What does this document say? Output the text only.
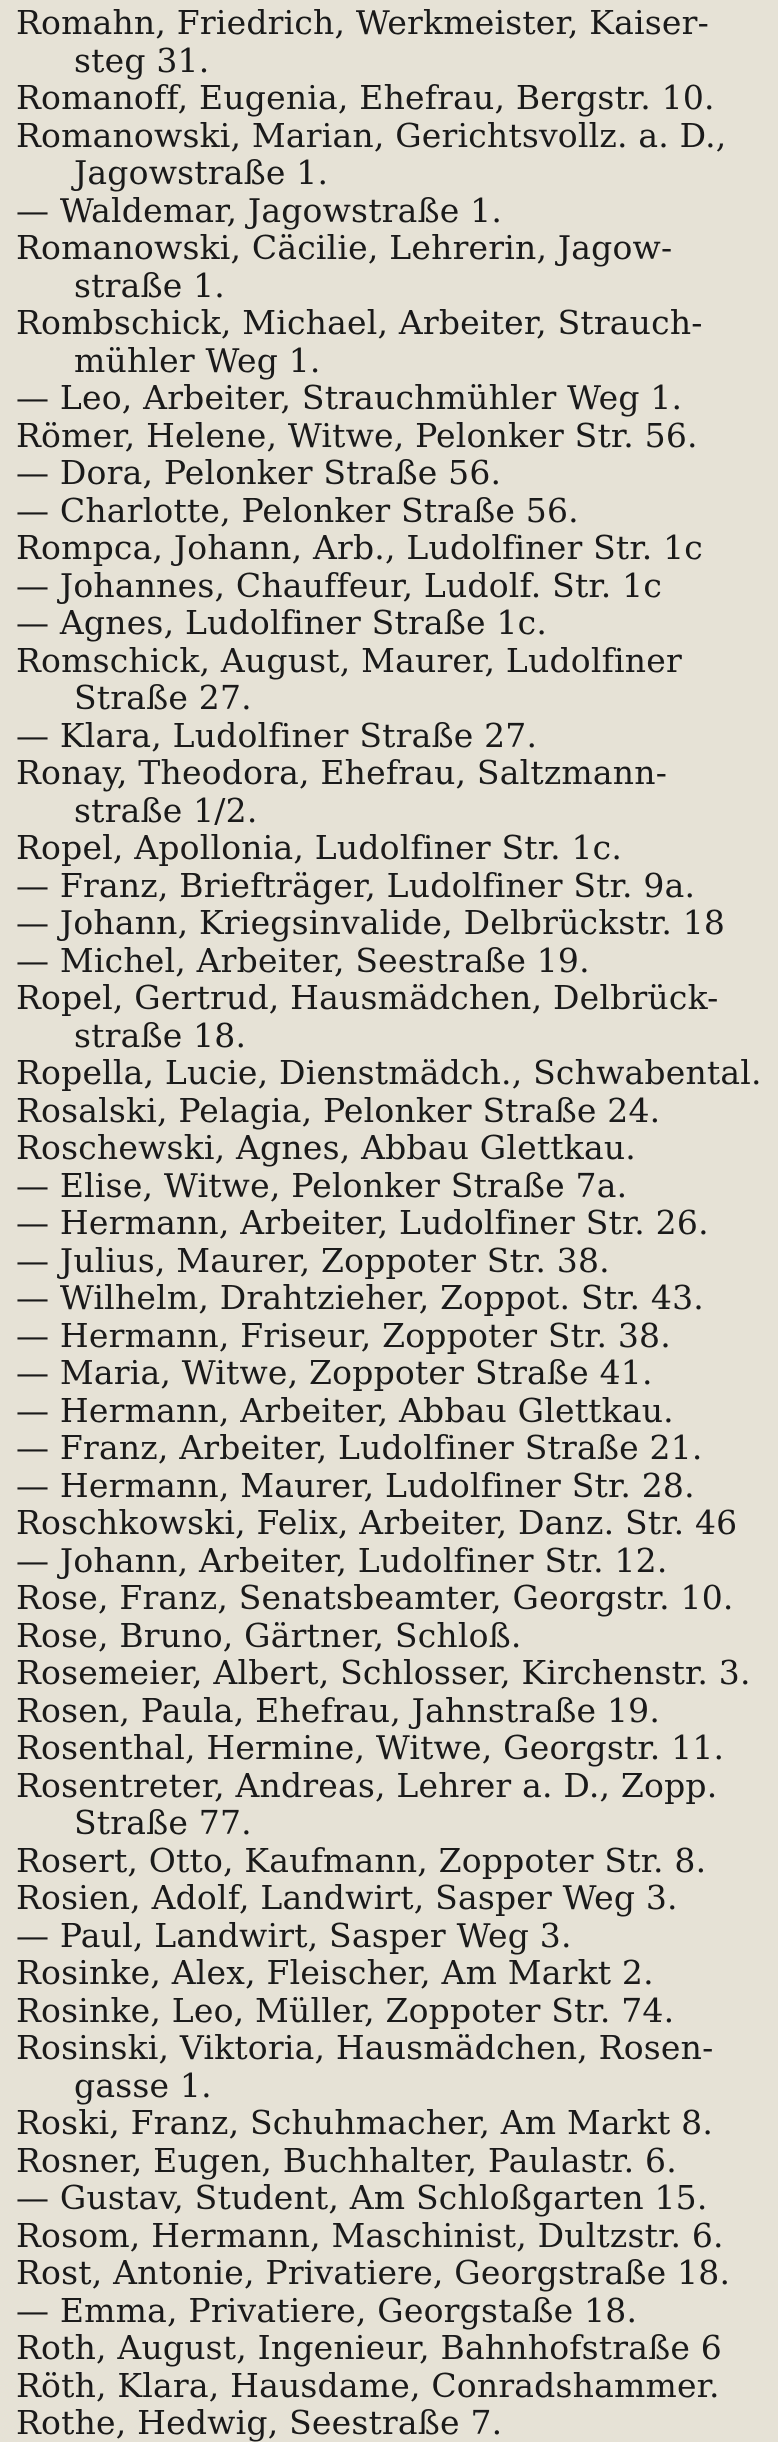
Romahn, Friedrich, Werkmeister, Kaiser-
steg 31.
Romanoff, Eugenia, Ehefrau, Bergstr. 10.
Romanowski, Marian, Gerichtsvollz. a. D.,
Jagowstraße 1.
— Waldemar, Jagowstraße 1.
Romanowski, Cäcilie, Lehrerin, Jagow-
straße 1.
Rombschick, Michael, Arbeiter, Strauch-
mühler Weg 1.
— Leo, Arbeiter, Strauchmühler Weg 1.
Römer, Helene, Witwe, Pelonker Str. 56.
— Dora, Pelonker Straße 56.
— Charlotte, Pelonker Straße 56.
Rompca, Johann, Arb., Ludolfiner Str. 1c
— Johannes, Chauffeur, Ludolf. Str. 1c
— Agnes, Ludolfiner Straße 1c.
Romschick, August, Maurer, Ludolfiner
Straße 27.
— Klara, Ludolfiner Straße 27.
Ronay, Theodora, Ehefrau, Saltzmann-
straße 1/2.
Ropel, Apollonia, Ludolfiner Str. 1c.
— Franz, Briefträger, Ludolfiner Str. 9a.
— Johann, Kriegsinvalide, Delbrückstr. 18
— Michel, Arbeiter, Seestraße 19.
Ropel, Gertrud, Hausmädchen, Delbrück-
straße 18.
Ropella, Lucie, Dienstmädch., Schwabental.
Rosalski, Pelagia, Pelonker Straße 24.
Roschewski, Agnes, Abbau Glettkau.
— Elise, Witwe, Pelonker Straße 7a.
— Hermann, Arbeiter, Ludolfiner Str. 26.
— Julius, Maurer, Zoppoter Str. 38.
— Wilhelm, Drahtzieher, Zoppot. Str. 43.
— Hermann, Friseur, Zoppoter Str. 38.
— Maria, Witwe, Zoppoter Straße 41.
— Hermann, Arbeiter, Abbau Glettkau.
— Franz, Arbeiter, Ludolfiner Straße 21.
— Hermann, Maurer, Ludolfiner Str. 28.
Roschkowski, Felix, Arbeiter, Danz. Str. 46
— Johann, Arbeiter, Ludolfiner Str. 12.
Rose, Franz, Senatsbeamter, Georgstr. 10.
Rose, Bruno, Gärtner, Schloß.
Rosemeier, Albert, Schlosser, Kirchenstr. 3.
Rosen, Paula, Ehefrau, Jahnstraße 19.
Rosenthal, Hermine, Witwe, Georgstr. 11.
Rosentreter, Andreas, Lehrer a. D., Zopp.
Straße 77.
Rosert, Otto, Kaufmann, Zoppoter Str. 8.
Rosien, Adolf, Landwirt, Sasper Weg 3.
— Paul, Landwirt, Sasper Weg 3.
Rosinke, Alex, Fleischer, Am Markt 2.
Rosinke, Leo, Müller, Zoppoter Str. 74.
Rosinski, Viktoria, Hausmädchen, Rosen-
gasse 1.
Roski, Franz, Schuhmacher, Am Markt 8.
Rosner, Eugen, Buchhalter, Paulastr. 6.
— Gustav, Student, Am Schloßgarten 15.
Rosom, Hermann, Maschinist, Dultzstr. 6.
Rost, Antonie, Privatiere, Georgstraße 18.
— Emma, Privatiere, Georgstaße 18.
Roth, August, Ingenieur, Bahnhofstraße 6
Röth, Klara, Hausdame, Conradshammer.
Rothe, Hedwig, Seestraße 7.
